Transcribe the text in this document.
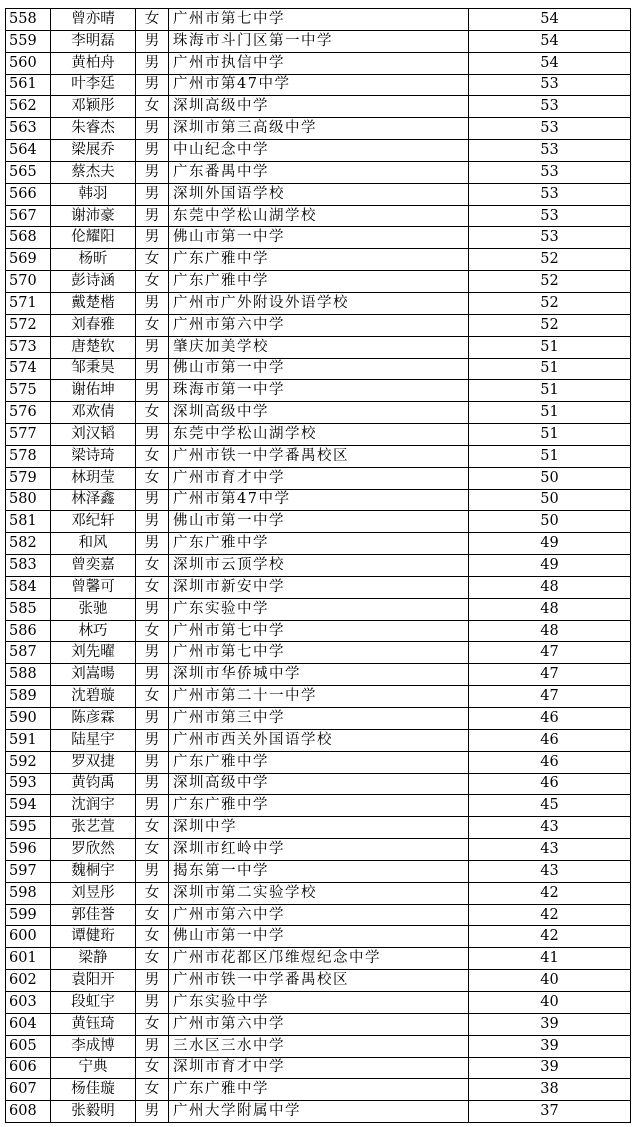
558	曾亦晴	女	广州市第七中学	54
559	李明磊	男	珠海市斗门区第一中学	54
560	黄柏舟	男	广州市执信中学	54
561	叶李廷	男	广州市第47中学	53
562	邓颖彤	女	深圳高级中学	53
563	朱睿杰	男	深圳市第三高级中学	53
564	梁展乔	男	中山纪念中学	53
565	蔡杰夫	男	广东番禺中学	53
566	韩羽	男	深圳外国语学校	53
567	谢沛豪	男	东莞中学松山湖学校	53
568	伦耀阳	男	佛山市第一中学	53
569	杨昕	女	广东广雅中学	52
570	彭诗涵	女	广东广雅中学	52
571	戴楚楷	男	广州市广外附设外语学校	52
572	刘春雅	女	广州市第六中学	52
573	唐楚钦	男	肇庆加美学校	51
574	邹秉昊	男	佛山市第一中学	51
575	谢佑坤	男	珠海市第一中学	51
576	邓欢倩	女	深圳高级中学	51
577	刘汉韬	男	东莞中学松山湖学校	51
578	梁诗琦	女	广州市铁一中学番禺校区	51
579	林玥莹	女	广州市育才中学	50
580	林泽鑫	男	广州市第47中学	50
581	邓纪轩	男	佛山市第一中学	50
582	和风	男	广东广雅中学	49
583	曾奕嘉	女	深圳市云顶学校	49
584	曾馨可	女	深圳市新安中学	48
585	张驰	男	广东实验中学	48
586	林巧	女	广州市第七中学	48
587	刘先曜	男	广州市第七中学	47
588	刘嵩暘	男	深圳市华侨城中学	47
589	沈碧璇	女	广州市第二十一中学	47
590	陈彦霖	男	广州市第三中学	46
591	陆星宇	男	广州市西关外国语学校	46
592	罗双捷	男	广东广雅中学	46
593	黄钧禹	男	深圳高级中学	46
594	沈润宇	男	广东广雅中学	45
595	张艺萱	女	深圳中学	43
596	罗欣然	女	深圳市红岭中学	43
597	魏桐宇	男	揭东第一中学	43
598	刘昱彤	女	深圳市第二实验学校	42
599	郭佳誉	女	广州市第六中学	42
600	谭健珩	女	佛山市第一中学	42
601	梁静	女	广州市花都区邝维煜纪念中学	41
602	袁阳开	男	广州市铁一中学番禺校区	40
603	段虹宇	男	广东实验中学	40
604	黄钰琦	女	广州市第六中学	39
605	李成博	男	三水区三水中学	39
606	宁典	女	深圳市育才中学	39
607	杨佳璇	女	广东广雅中学	38
608	张毅明	男	广州大学附属中学	37
